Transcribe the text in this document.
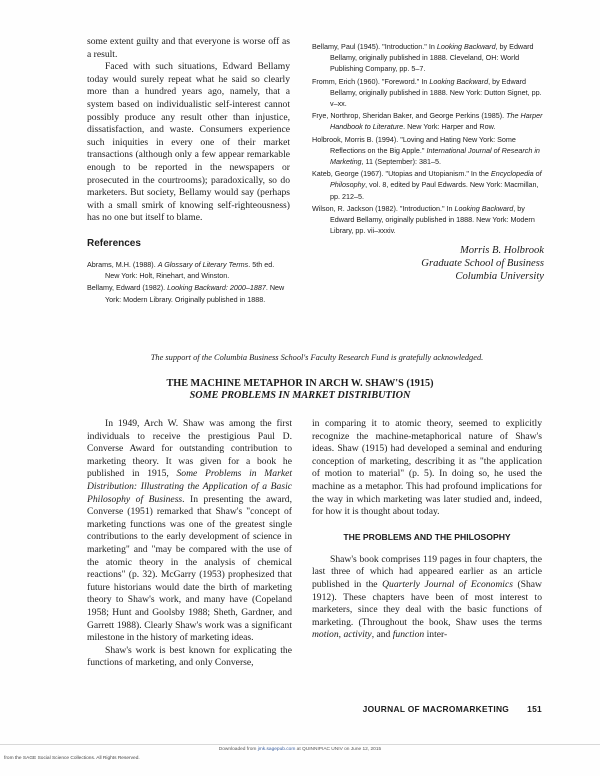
some extent guilty and that everyone is worse off as a result.

Faced with such situations, Edward Bellamy today would surely repeat what he said so clearly more than a hundred years ago, namely, that a system based on individualistic self-interest cannot possibly produce any result other than injustice, dissatisfaction, and waste. Consumers experience such iniquities in every one of their market transactions (although only a few appear remarkable enough to be reported in the newspapers or prosecuted in the courtrooms); paradoxically, so do marketers. But society, Bellamy would say (perhaps with a small smirk of knowing self-righteousness) has no one but itself to blame.

References

Abrams, M.H. (1988). A Glossary of Literary Terms. 5th ed. New York: Holt, Rinehart, and Winston.

Bellamy, Edward (1982). Looking Backward: 2000–1887. New York: Modern Library. Originally published in 1888.

Bellamy, Paul (1945). "Introduction." In Looking Backward, by Edward Bellamy, originally published in 1888. Cleveland, OH: World Publishing Company, pp. 5–7.

Fromm, Erich (1960). "Foreword." In Looking Backward, by Edward Bellamy, originally published in 1888. New York: Dutton Signet, pp. v–xx.

Frye, Northrop, Sheridan Baker, and George Perkins (1985). The Harper Handbook to Literature. New York: Harper and Row.

Holbrook, Morris B. (1994). "Loving and Hating New York: Some Reflections on the Big Apple." International Journal of Research in Marketing, 11 (September): 381–5.

Kateb, George (1967). "Utopias and Utopianism." In the Encyclopedia of Philosophy, vol. 8, edited by Paul Edwards. New York: Macmillan, pp. 212–5.

Wilson, R. Jackson (1982). "Introduction." In Looking Backward, by Edward Bellamy, originally published in 1888. New York: Modern Library, pp. vii–xxxiv.

Morris B. Holbrook
Graduate School of Business
Columbia University
The support of the Columbia Business School's Faculty Research Fund is gratefully acknowledged.
THE MACHINE METAPHOR IN ARCH W. SHAW'S (1915)
SOME PROBLEMS IN MARKET DISTRIBUTION

In 1949, Arch W. Shaw was among the first individuals to receive the prestigious Paul D. Converse Award for outstanding contribution to marketing theory. It was given for a book he published in 1915, Some Problems in Market Distribution: Illustrating the Application of a Basic Philosophy of Business. In presenting the award, Converse (1951) remarked that Shaw's "concept of marketing functions was one of the greatest single contributions to the early development of science in marketing" and "may be compared with the use of the atomic theory in the analysis of chemical reactions" (p. 32). McGarry (1953) prophesized that future historians would date the birth of marketing theory to Shaw's work, and many have (Copeland 1958; Hunt and Goolsby 1988; Sheth, Gardner, and Garrett 1988). Clearly Shaw's work was a significant milestone in the history of marketing ideas.

Shaw's work is best known for explicating the functions of marketing, and only Converse,

in comparing it to atomic theory, seemed to explicitly recognize the machine-metaphorical nature of Shaw's ideas. Shaw (1915) had developed a seminal and enduring conception of marketing, describing it as "the application of motion to material" (p. 5). In doing so, he used the machine as a metaphor. This had profound implications for the way in which marketing was later studied and, indeed, for how it is thought about today.

THE PROBLEMS AND THE PHILOSOPHY

Shaw's book comprises 119 pages in four chapters, the last three of which had appeared earlier as an article published in the Quarterly Journal of Economics (Shaw 1912). These chapters have been of most interest to marketers, since they deal with the basic functions of marketing. (Throughout the book, Shaw uses the terms motion, activity, and function inter-

JOURNAL OF MACROMARKETING 151
Downloaded from jmk.sagepub.com at QUINNIPIAC UNIV on June 12, 2015
from the SAGE Social Science Collections. All Rights Reserved.
